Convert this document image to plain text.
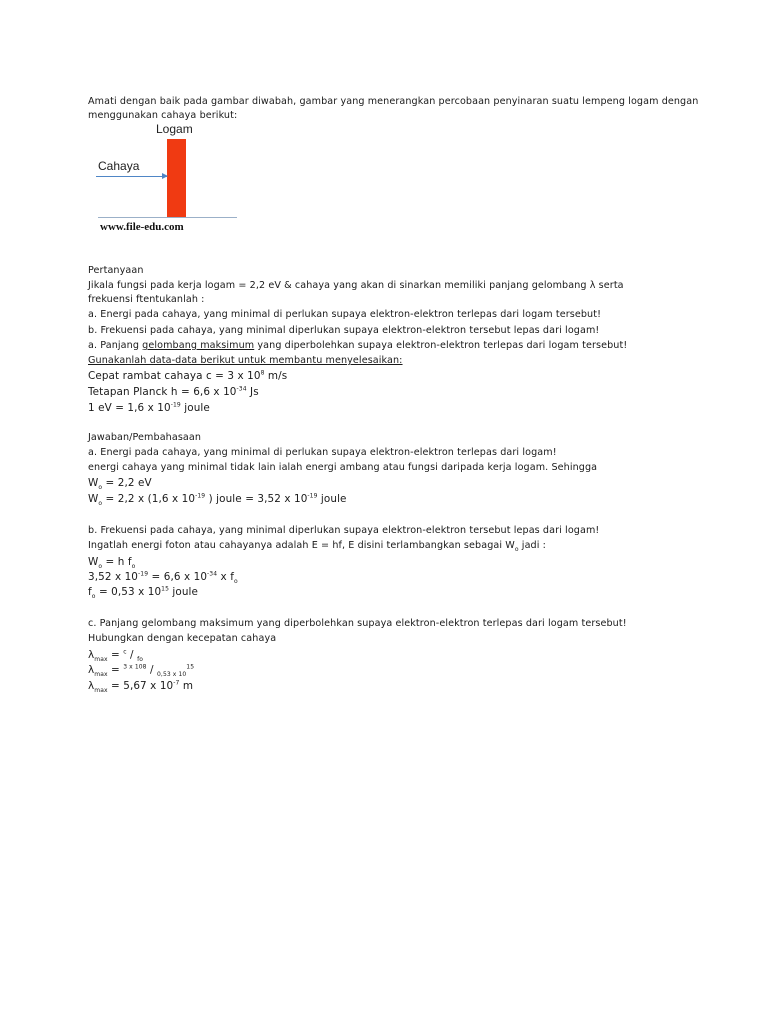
Amati dengan baik pada gambar diwabah, gambar yang menerangkan percobaan penyinaran suatu lempeng logam dengan
menggunakan cahaya berikut:
Logam
Cahaya
www.file-edu.com
Pertanyaan
Jikala fungsi pada kerja logam = 2,2 eV & cahaya yang akan di sinarkan memiliki panjang gelombang λ serta
frekuensi ftentukanlah :
a. Energi pada cahaya, yang minimal di perlukan supaya elektron-elektron terlepas dari logam tersebut!
b. Frekuensi pada cahaya, yang minimal diperlukan supaya elektron-elektron tersebut lepas dari logam!
a. Panjang gelombang maksimum yang diperbolehkan supaya elektron-elektron terlepas dari logam tersebut!
Gunakanlah data-data berikut untuk membantu menyelesaikan:
Cepat rambat cahaya c = 3 x $10^8$ m/s
Tetapan Planck h = 6,6 x $10^{-34}$ Js
1 eV = 1,6 x $10^{-19}$ joule
Jawaban/Pembahasaan
a. Energi pada cahaya, yang minimal di perlukan supaya elektron-elektron terlepas dari logam!
energi cahaya yang minimal tidak lain ialah energi ambang atau fungsi daripada kerja logam. Sehingga
$W_o = 2,2$ eV
$W_o = 2,2$ x (1,6 x $10^{-19}$ ) joule = 3,52 x $10^{-19}$ joule
b. Frekuensi pada cahaya, yang minimal diperlukan supaya elektron-elektron tersebut lepas dari logam!
Ingatlah energi foton atau cahayanya adalah E = hf, E disini terlambangkan sebagai $W_o$ jadi :
$W_o = h$ $f_o$
3,52 x $10^{-19} = 6,6$ x $10^{-34}$ x $f_o$
$f_o = 0,53$ x $10^{15}$ joule
c. Panjang gelombang maksimum yang diperbolehkan supaya elektron-elektron terlepas dari logam tersebut!
Hubungkan dengan kecepatan cahaya
$\lambda_{max} = ^c / _{fo}$
$\lambda_{max} = ^{3 x 108} / _{0,53 x 10}^{15}$
$\lambda_{max} = 5,67$ x $10^{-7}$ m
